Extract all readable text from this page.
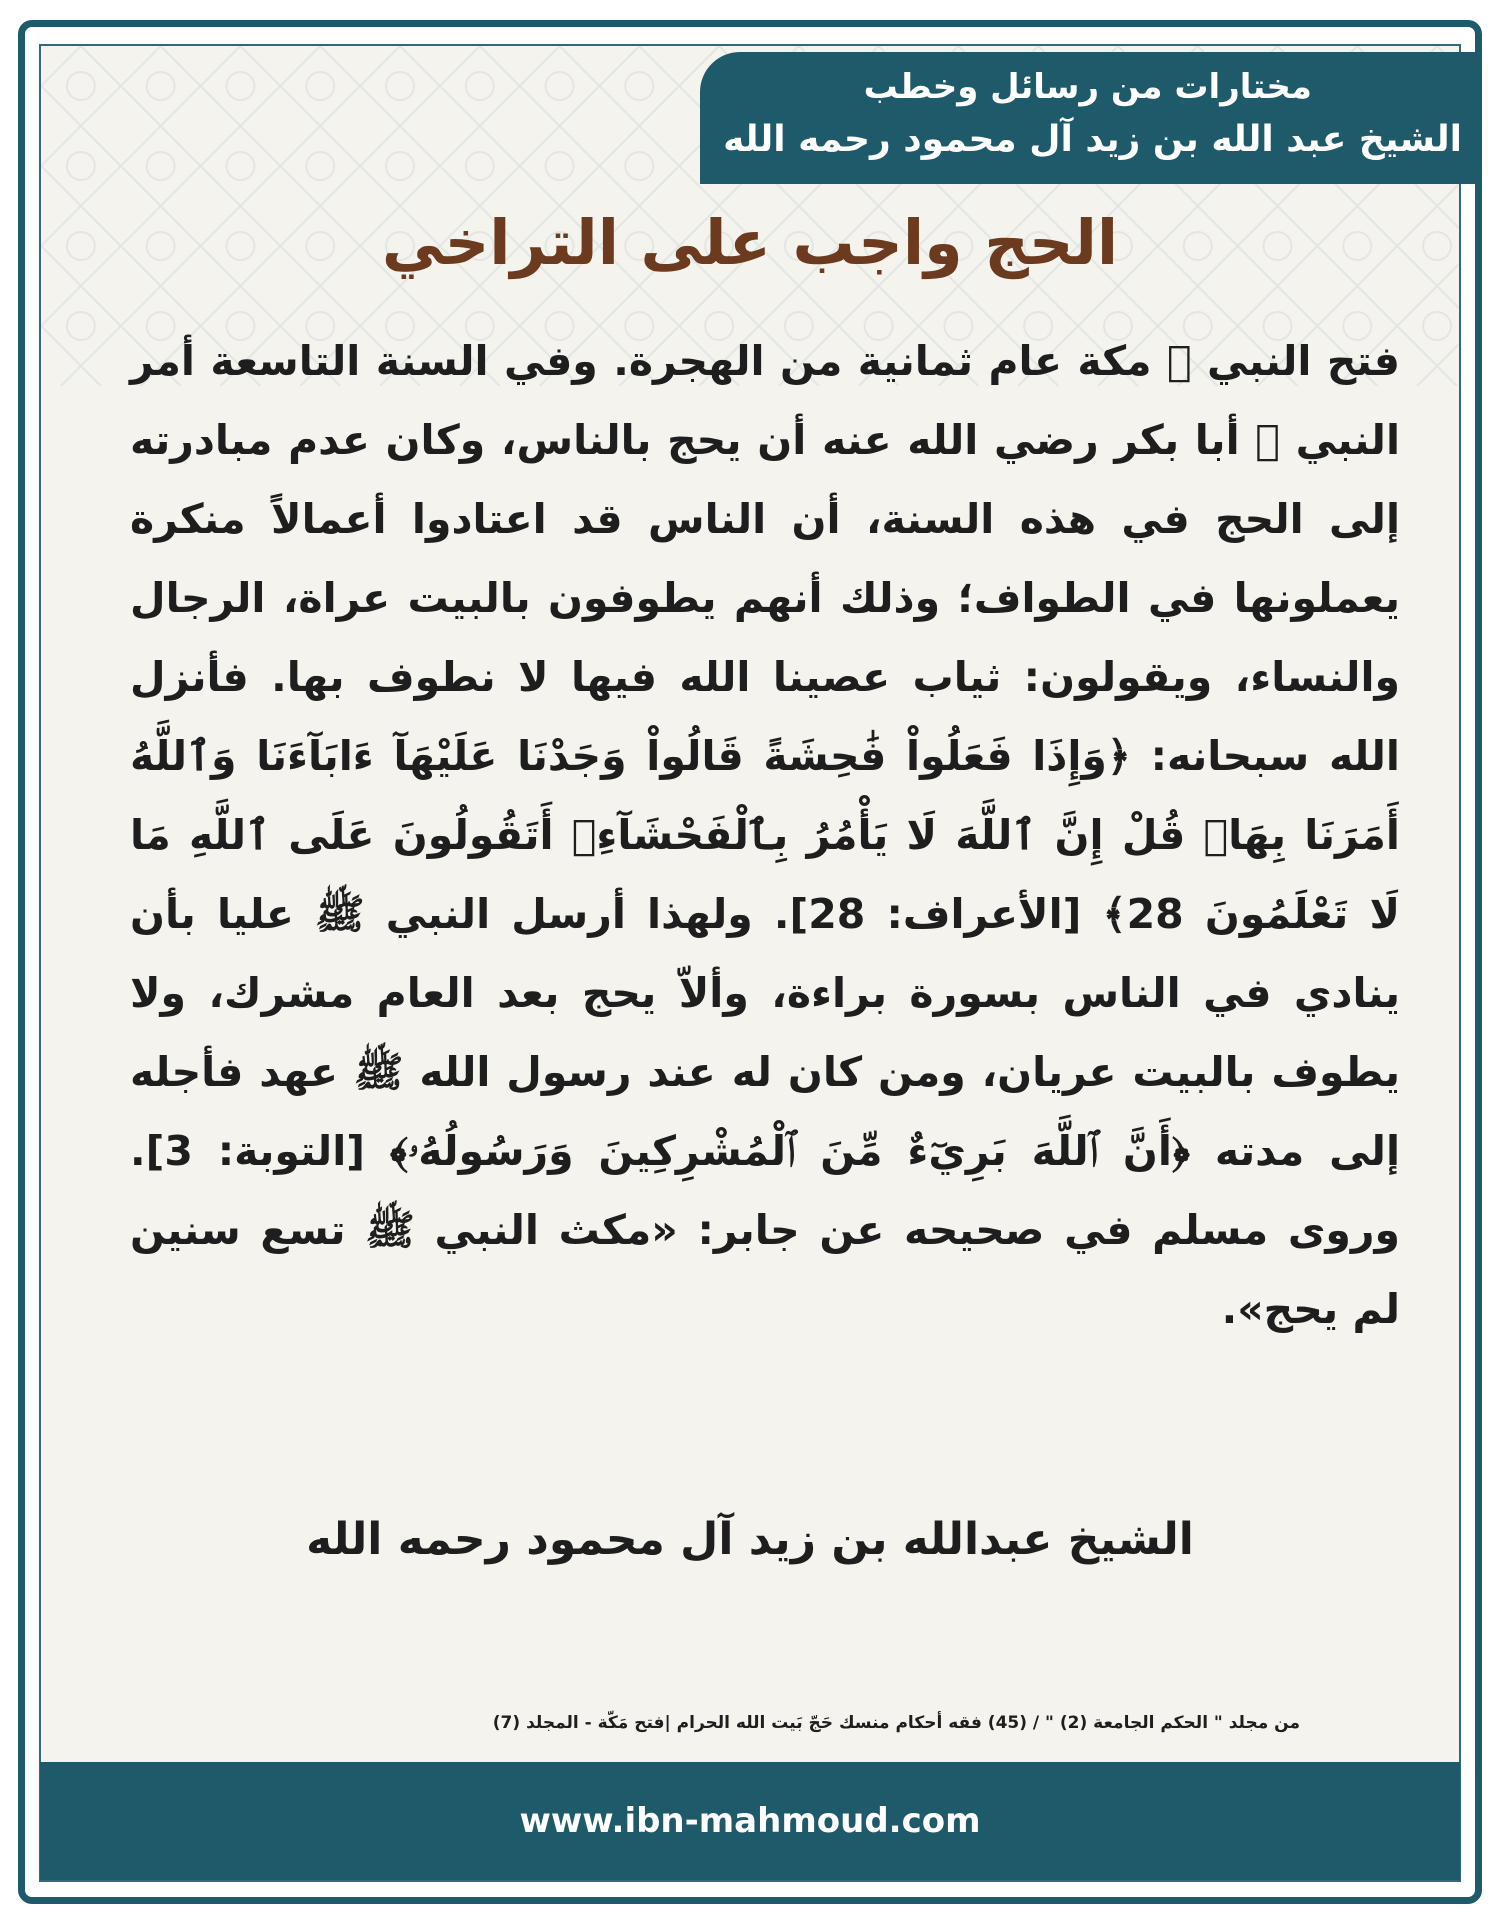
مختارات من رسائل وخطب
الشيخ عبد الله بن زيد آل محمود رحمه الله
الحج واجب على التراخي

فتح النبي ﷺ مكة عام ثمانية من الهجرة. وفي السنة التاسعة أمر النبي ﷺ أبا بكر رضي الله عنه أن يحج بالناس، وكان عدم مبادرته إلى الحج في هذه السنة، أن الناس قد اعتادوا أعمالاً منكرة يعملونها في الطواف؛ وذلك أنهم يطوفون بالبيت عراة، الرجال والنساء، ويقولون: ثياب عصينا الله فيها لا نطوف بها. فأنزل الله سبحانه: ﴿وَإِذَا فَعَلُواْ فَٰحِشَةً قَالُواْ وَجَدْنَا عَلَيْهَآ ءَابَآءَنَا وَٱللَّهُ أَمَرَنَا بِهَاۗ قُلْ إِنَّ ٱللَّهَ لَا يَأْمُرُ بِٱلْفَحْشَآءِۖ أَتَقُولُونَ عَلَى ٱللَّهِ مَا لَا تَعْلَمُونَ 28﴾ [الأعراف: 28]. ولهذا أرسل النبي ﷺ عليا بأن ينادي في الناس بسورة براءة، وألاّ يحج بعد العام مشرك، ولا يطوف بالبيت عريان، ومن كان له عند رسول الله ﷺ عهد فأجله إلى مدته ﴿أَنَّ ٱللَّهَ بَرِيٓءٌ مِّنَ ٱلْمُشْرِكِينَ وَرَسُولُهُۥ﴾ [التوبة: 3]. وروى مسلم في صحيحه عن جابر: «مكث النبي ﷺ تسع سنين لم يحج».

الشيخ عبدالله بن زيد آل محمود رحمه الله
من مجلد " الحكم الجامعة (2) " / (45) فقه أحكام منسك حَجّ بَيت الله الحرام |فتح مَكّة - المجلد (7)
www.ibn-mahmoud.com
